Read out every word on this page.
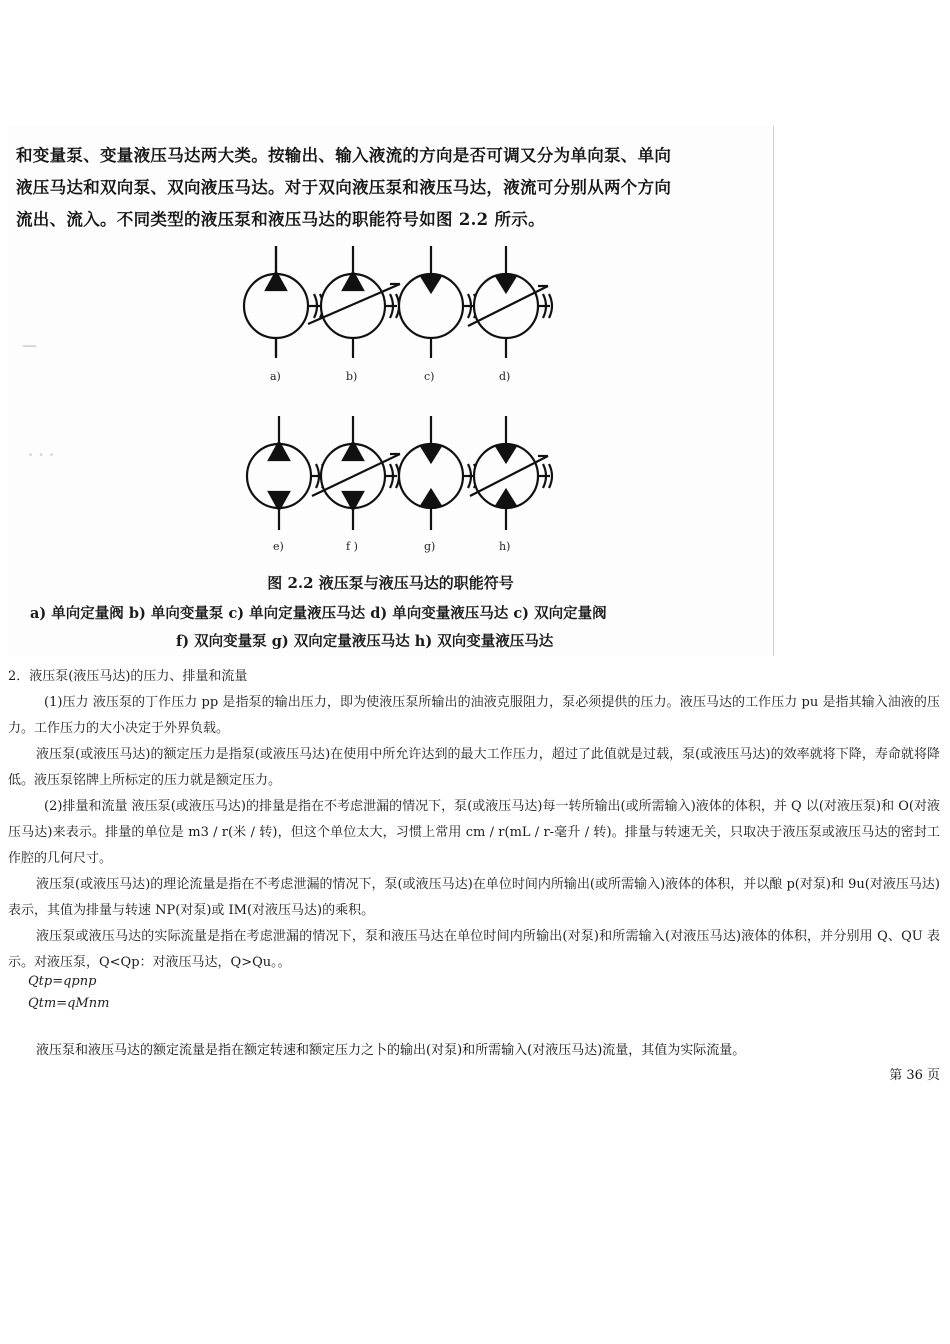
和变量泵、变量液压马达两大类。按输出、输入液流的方向是否可调又分为单向泵、单向
液压马达和双向泵、双向液压马达。对于双向液压泵和液压马达，液流可分别从两个方向
流出、流入。不同类型的液压泵和液压马达的职能符号如图 2.2 所示。
—
· · ·
a)	b)	c)	d)
e)	f )	g)	h)
图 2.2 液压泵与液压马达的职能符号
a) 单向定量阀 b) 单向变量泵 c) 单向定量液压马达 d) 单向变量液压马达 c) 双向定量阀
f) 双向变量泵 g) 双向定量液压马达 h) 双向变量液压马达

2．液压泵(液压马达)的压力、排量和流量

(1)压力 液压泵的丁作压力 pp 是指泵的输出压力，即为使液压泵所输出的油液克服阻力，泵必须提供的压力。液压马达的工作压力 pu 是指其输入油液的压力。工作压力的大小决定于外界负载。

液压泵(或液压马达)的额定压力是指泵(或液压马达)在使用中所允许达到的最大工作压力，超过了此值就是过载，泵(或液压马达)的效率就将下降，寿命就将降低。液压泵铭牌上所标定的压力就是额定压力。

(2)排量和流量 液压泵(或液压马达)的排量是指在不考虑泄漏的情况下，泵(或液压马达)每一转所输出(或所需输入)液体的体积，并 Q 以(对液压泵)和 O(对液压马达)来表示。排量的单位是 m3 / r(米 / 转)，但这个单位太大，习惯上常用 cm / r(mL / r-毫升 / 转)。排量与转速无关，只取决于液压泵或液压马达的密封工作腔的几何尺寸。

液压泵(或液压马达)的理论流量是指在不考虑泄漏的情况下，泵(或液压马达)在单位时间内所输出(或所需输入)液体的体积，并以酿 p(对泵)和 9u(对液压马达)表示，其值为排量与转速 NP(对泵)或 IM(对液压马达)的乘积。

液压泵或液压马达的实际流量是指在考虑泄漏的情况下，泵和液压马达在单位时间内所输出(对泵)和所需输入(对液压马达)液体的体积，并分别用 Q、QU 表示。对液压泵，Q<Qp：对液压马达，Q>Qu。。

Qtp=qpnp
Qtm=qMnm
液压泵和液压马达的额定流量是指在额定转速和额定压力之卜的输出(对泵)和所需输入(对液压马达)流量，其值为实际流量。
第 36 页
